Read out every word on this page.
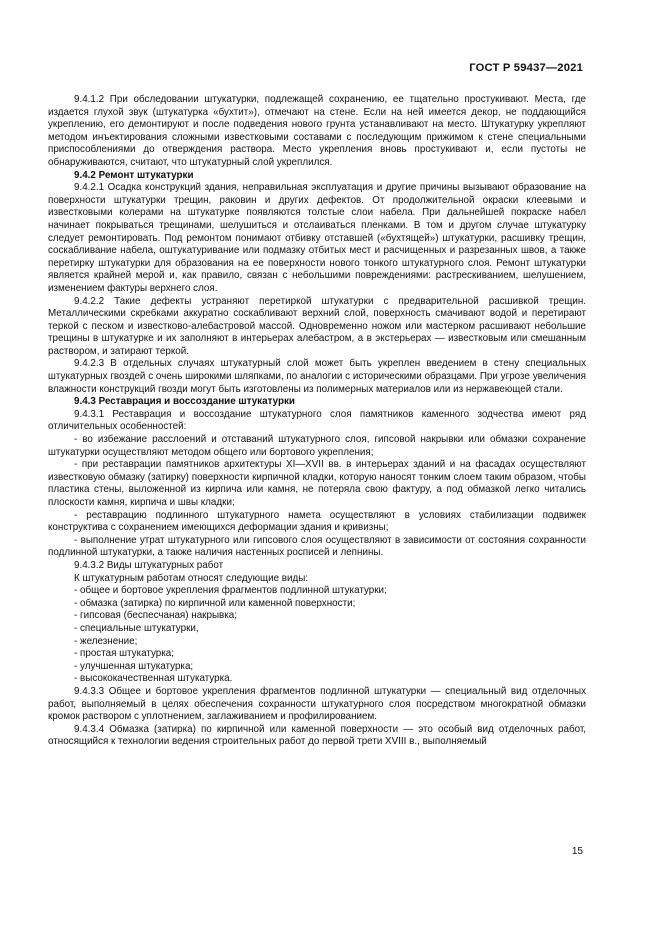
ГОСТ Р 59437—2021

9.4.1.2 При обследовании штукатурки, подлежащей сохранению, ее тщательно простукивают. Места, где издается глухой звук (штукатурка «бухтит»), отмечают на стене. Если на ней имеется декор, не поддающийся укреплению, его демонтируют и после подведения нового грунта устанавливают на место. Штукатурку укрепляют методом инъектирования сложными известковыми составами с последующим прижимом к стене специальными приспособлениями до отверждения раствора. Место укрепления вновь простукивают и, если пустоты не обнаруживаются, считают, что штукатурный слой укреплился.

9.4.2 Ремонт штукатурки

9.4.2.1 Осадка конструкций здания, неправильная эксплуатация и другие причины вызывают образование на поверхности штукатурки трещин, раковин и других дефектов. От продолжительной окраски клеевыми и известковыми колерами на штукатурке появляются толстые слои набела. При дальнейшей покраске набел начинает покрываться трещинами, шелушиться и отслаиваться пленками. В том и другом случае штукатурку следует ремонтировать. Под ремонтом понимают отбивку отставшей («бухтящей») штукатурки, расшивку трещин, соскабливание набела, оштукатуривание или подмазку отбитых мест и расчищенных и разрезанных швов, а также перетирку штукатурки для образования на ее поверхности нового тонкого штукатурного слоя. Ремонт штукатурки является крайней мерой и, как правило, связан с небольшими повреждениями: растрескиванием, шелушением, изменением фактуры верхнего слоя.

9.4.2.2 Такие дефекты устраняют перетиркой штукатурки с предварительной расшивкой трещин. Металлическими скребками аккуратно соскабливают верхний слой, поверхность смачивают водой и перетирают теркой с песком и известково-алебастровой массой. Одновременно ножом или мастерком расшивают небольшие трещины в штукатурке и их заполняют в интерьерах алебастром, а в экстерьерах — известковым или смешанным раствором, и затирают теркой.

9.4.2.3 В отдельных случаях штукатурный слой может быть укреплен введением в стену специальных штукатурных гвоздей с очень широкими шляпками, по аналогии с историческими образцами. При угрозе увеличения влажности конструкций гвозди могут быть изготовлены из полимерных материалов или из нержавеющей стали.

9.4.3 Реставрация и воссоздание штукатурки

9.4.3.1 Реставрация и воссоздание штукатурного слоя памятников каменного зодчества имеют ряд отличительных особенностей:

- во избежание расслоений и отставаний штукатурного слоя, гипсовой накрывки или обмазки сохранение штукатурки осуществляют методом общего или бортового укрепления;

- при реставрации памятников архитектуры XI—XVII вв. в интерьерах зданий и на фасадах осуществляют известковую обмазку (затирку) поверхности кирпичной кладки, которую наносят тонким слоем таким образом, чтобы пластика стены, выложенной из кирпича или камня, не потеряла свою фактуру, а под обмазкой легко читались плоскости камня, кирпича и швы кладки;

- реставрацию подлинного штукатурного намета осуществляют в условиях стабилизации подвижек конструктива с сохранением имеющихся деформации здания и кривизны;

- выполнение утрат штукатурного или гипсового слоя осуществляют в зависимости от состояния сохранности подлинной штукатурки, а также наличия настенных росписей и лепнины.

9.4.3.2 Виды штукатурных работ

К штукатурным работам относят следующие виды:

- общее и бортовое укрепления фрагментов подлинной штукатурки;

- обмазка (затирка) по кирпичной или каменной поверхности;

- гипсовая (беспесчаная) накрывка;

- специальные штукатурки,

- железнение;

- простая штукатурка;

- улучшенная штукатурка;

- высококачественная штукатурка.

9.4.3.3 Общее и бортовое укрепления фрагментов подлинной штукатурки — специальный вид отделочных работ, выполняемый в целях обеспечения сохранности штукатурного слоя посредством многократной обмазки кромок раствором с уплотнением, заглаживанием и профилированием.

9.4.3.4 Обмазка (затирка) по кирпичной или каменной поверхности — это особый вид отделочных работ, относящийся к технологии ведения строительных работ до первой трети XVIII в., выполняемый

15
